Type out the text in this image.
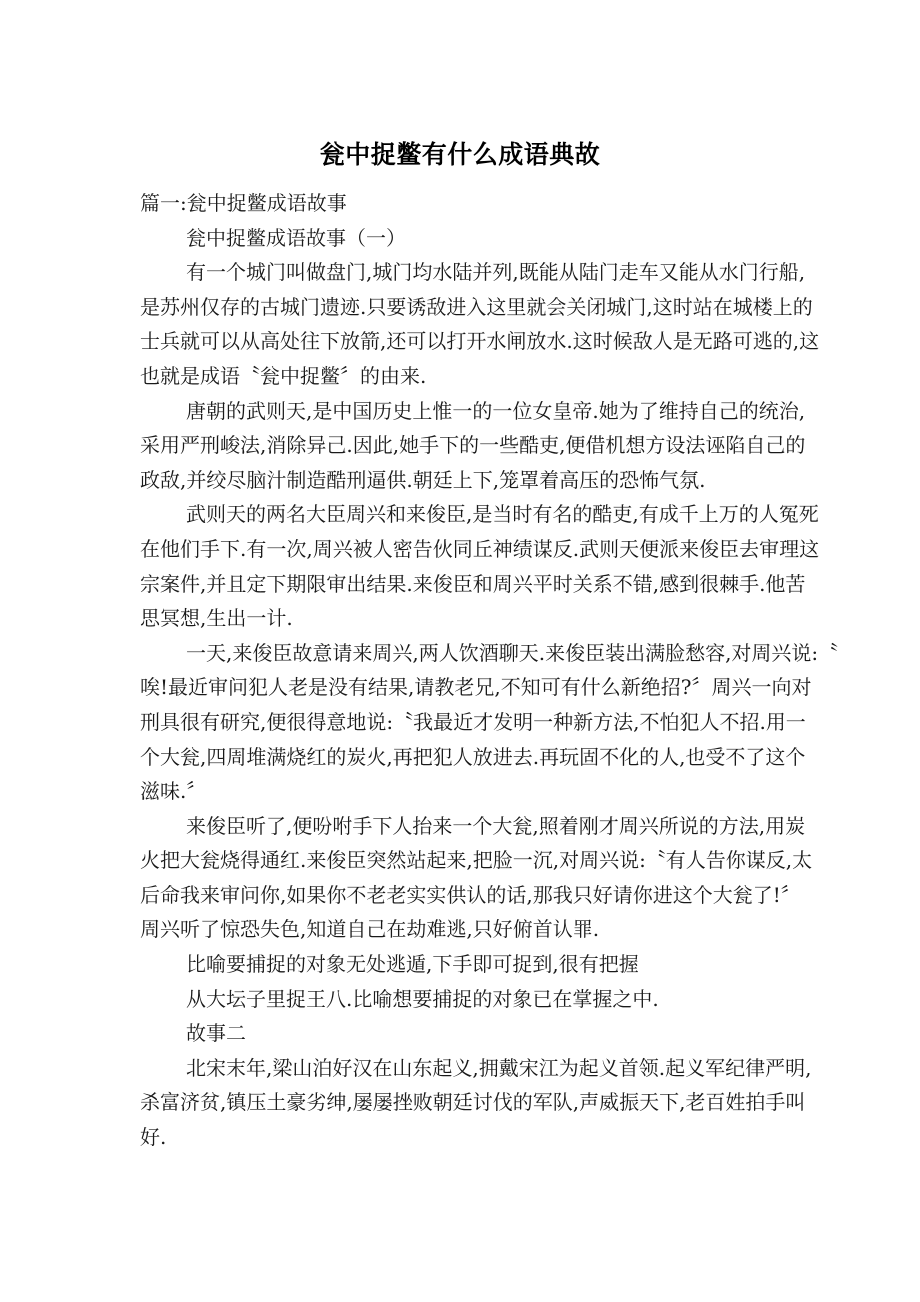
瓮中捉鳖有什么成语典故
篇一:瓮中捉鳖成语故事
瓮中捉鳖成语故事（一）
有一个城门叫做盘门,城门均水陆并列,既能从陆门走车又能从水门行船,
是苏州仅存的古城门遗迹.只要诱敌进入这里就会关闭城门,这时站在城楼上的
士兵就可以从高处往下放箭,还可以打开水闸放水.这时候敌人是无路可逃的,这
也就是成语〝瓮中捉鳖〞的由来.
唐朝的武则天,是中国历史上惟一的一位女皇帝.她为了维持自己的统治,
采用严刑峻法,消除异己.因此,她手下的一些酷吏,便借机想方设法诬陷自己的
政敌,并绞尽脑汁制造酷刑逼供.朝廷上下,笼罩着高压的恐怖气氛.
武则天的两名大臣周兴和来俊臣,是当时有名的酷吏,有成千上万的人冤死
在他们手下.有一次,周兴被人密告伙同丘神绩谋反.武则天便派来俊臣去审理这
宗案件,并且定下期限审出结果.来俊臣和周兴平时关系不错,感到很棘手.他苦
思冥想,生出一计.
一天,来俊臣故意请来周兴,两人饮酒聊天.来俊臣装出满脸愁容,对周兴说:〝
唉!最近审问犯人老是没有结果,请教老兄,不知可有什么新绝招?〞周兴一向对
刑具很有研究,便很得意地说:〝我最近才发明一种新方法,不怕犯人不招.用一
个大瓮,四周堆满烧红的炭火,再把犯人放进去.再玩固不化的人,也受不了这个
滋味.〞
来俊臣听了,便吩咐手下人抬来一个大瓮,照着刚才周兴所说的方法,用炭
火把大瓮烧得通红.来俊臣突然站起来,把脸一沉,对周兴说:〝有人告你谋反,太
后命我来审问你,如果你不老老实实供认的话,那我只好请你进这个大瓮了!〞
周兴听了惊恐失色,知道自己在劫难逃,只好俯首认罪.
比喻要捕捉的对象无处逃遁,下手即可捉到,很有把握
从大坛子里捉王八.比喻想要捕捉的对象已在掌握之中.
故事二
北宋末年,梁山泊好汉在山东起义,拥戴宋江为起义首领.起义军纪律严明,
杀富济贫,镇压土豪劣绅,屡屡挫败朝廷讨伐的军队,声威振天下,老百姓拍手叫
好.
